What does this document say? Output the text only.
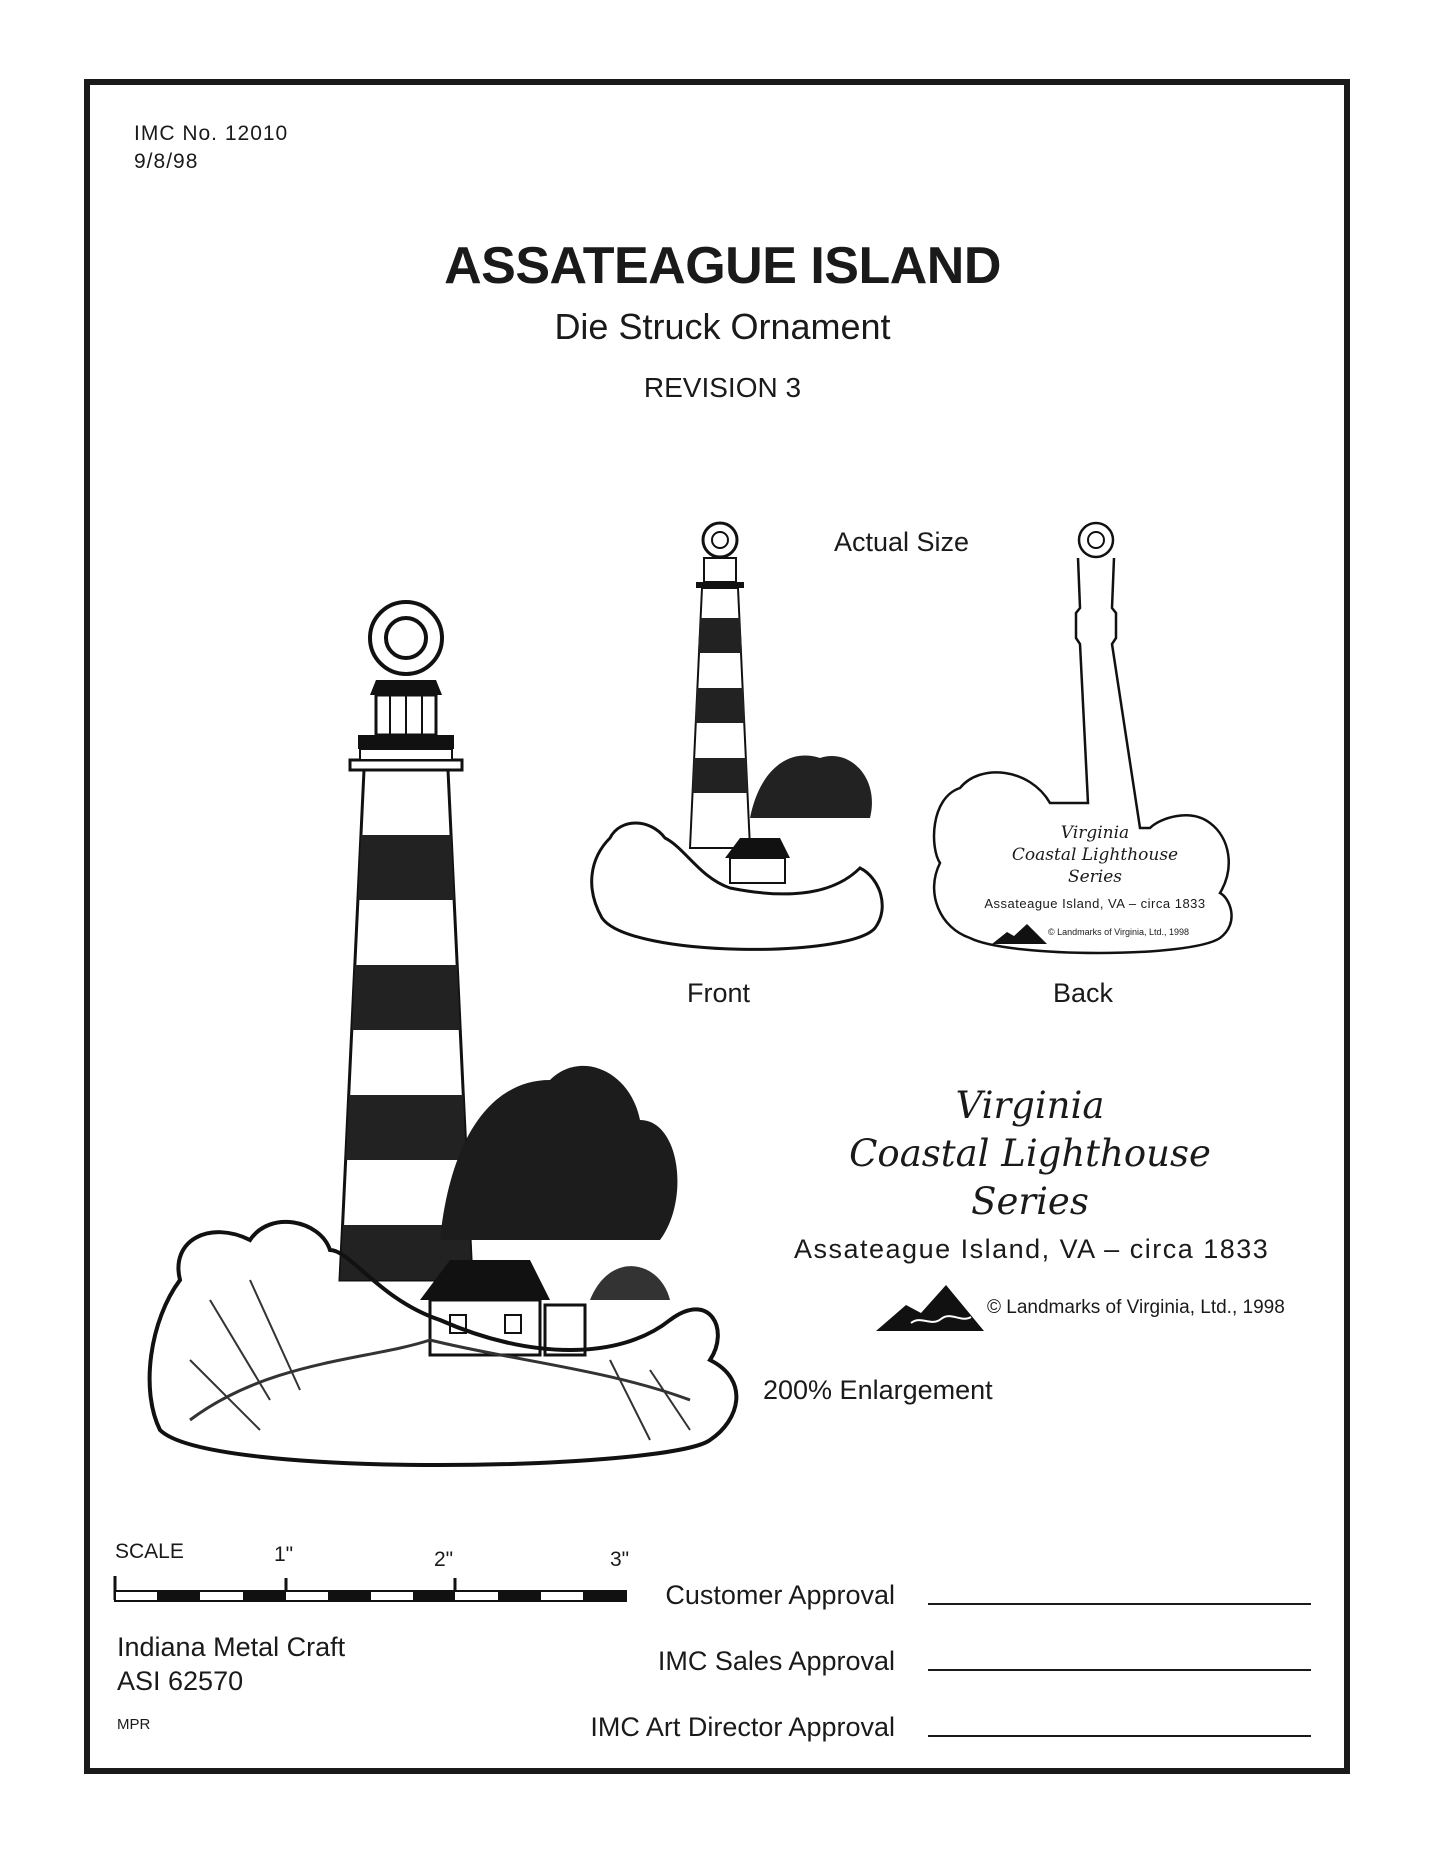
IMC No. 12010
9/8/98
ASSATEAGUE ISLAND
Die Struck Ornament
REVISION 3
Virginia
Coastal Lighthouse
Series
Assateague Island, VA – circa 1833
© Landmarks of Virginia, Ltd., 1998
Actual Size
Front	Back
Virginia
Coastal Lighthouse
Series
Assateague Island, VA – circa 1833
© Landmarks of Virginia, Ltd., 1998
200% Enlargement
SCALE	1"	2"	3"
Indiana Metal Craft
ASI 62570
MPR
Customer Approval
IMC Sales Approval
IMC Art Director Approval
